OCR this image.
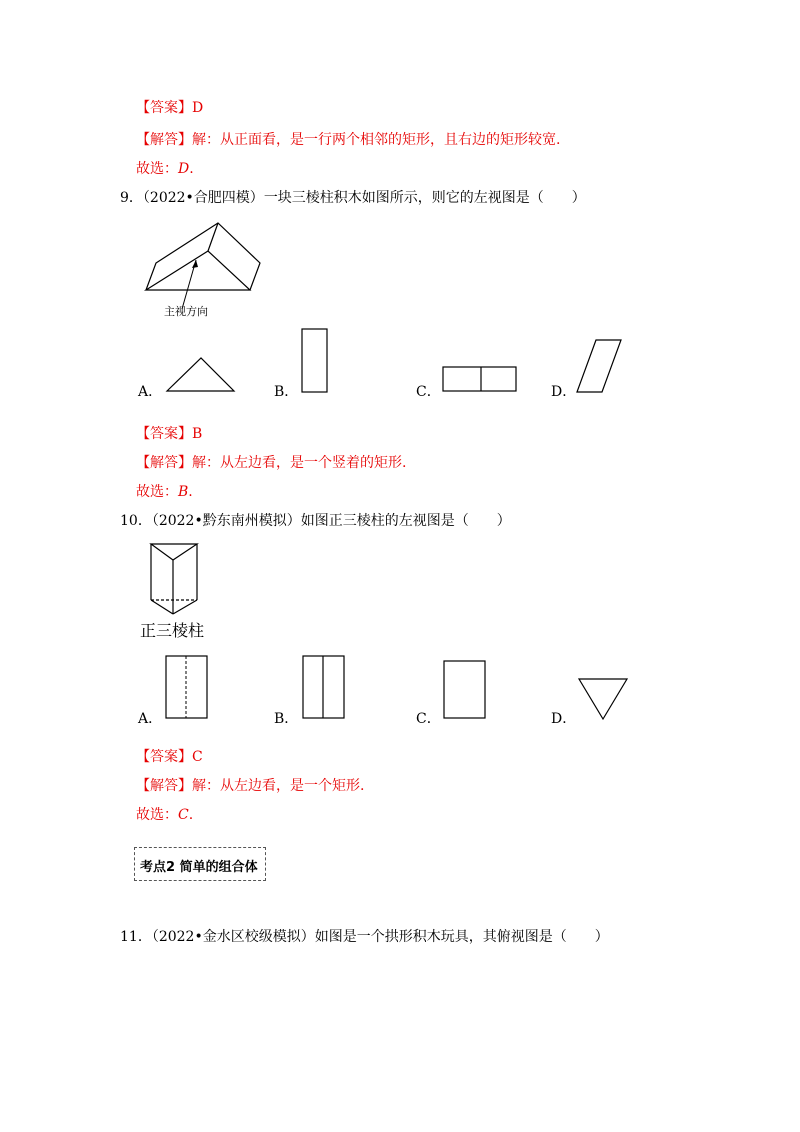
【答案】D
【解答】解：从正面看，是一行两个相邻的矩形，且右边的矩形较宽.
故选：D.
9．（2022•合肥四模）一块三棱柱积木如图所示，则它的左视图是（　　）
主视方向
A．	B．	C．	D．
【答案】B
【解答】解：从左边看，是一个竖着的矩形.
故选：B.
10．（2022•黔东南州模拟）如图正三棱柱的左视图是（　　）
正三棱柱
A．	B．	C．	D．
【答案】C
【解答】解：从左边看，是一个矩形.
故选：C.
考点2 简单的组合体
11．（2022•金水区校级模拟）如图是一个拱形积木玩具，其俯视图是（　　）
